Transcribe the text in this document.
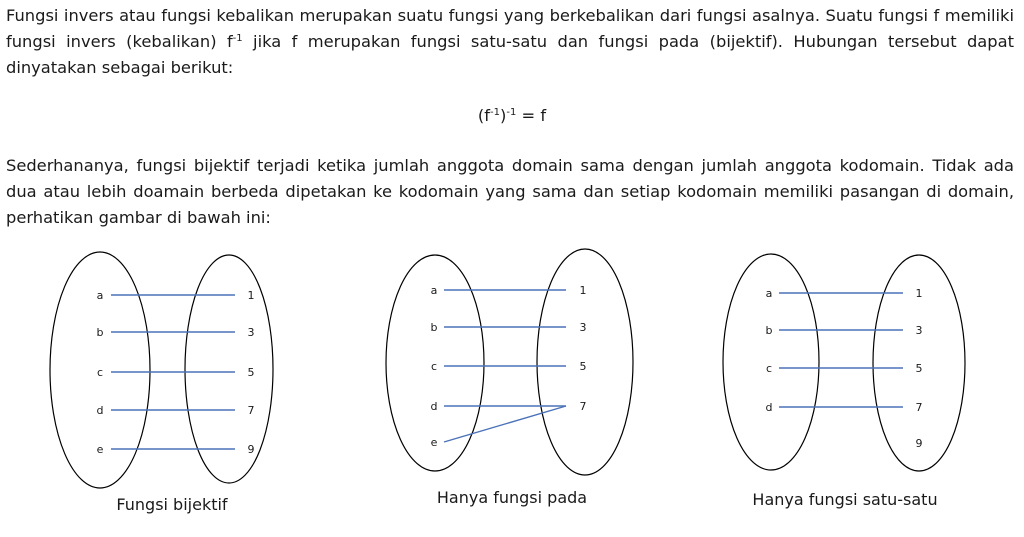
Fungsi invers atau fungsi kebalikan merupakan suatu fungsi yang berkebalikan dari fungsi asalnya. Suatu fungsi f memiliki fungsi invers (kebalikan) $f^{-1}$ jika f merupakan fungsi satu-satu dan fungsi pada (bijektif). Hubungan tersebut dapat dinyatakan sebagai berikut:

$(f^{-1})^{-1} = f$

Sederhananya, fungsi bijektif terjadi ketika jumlah anggota domain sama dengan jumlah anggota kodomain. Tidak ada dua atau lebih doamain berbeda dipetakan ke kodomain yang sama dan setiap kodomain memiliki pasangan di domain, perhatikan gambar di bawah ini:

a
b
c
d
e
1
3
5
7
9
Fungsi bijektif
a
b
c
d
e
1
3
5
7
Hanya fungsi pada
a
b
c
d
1
3
5
7
9
Hanya fungsi satu-satu
